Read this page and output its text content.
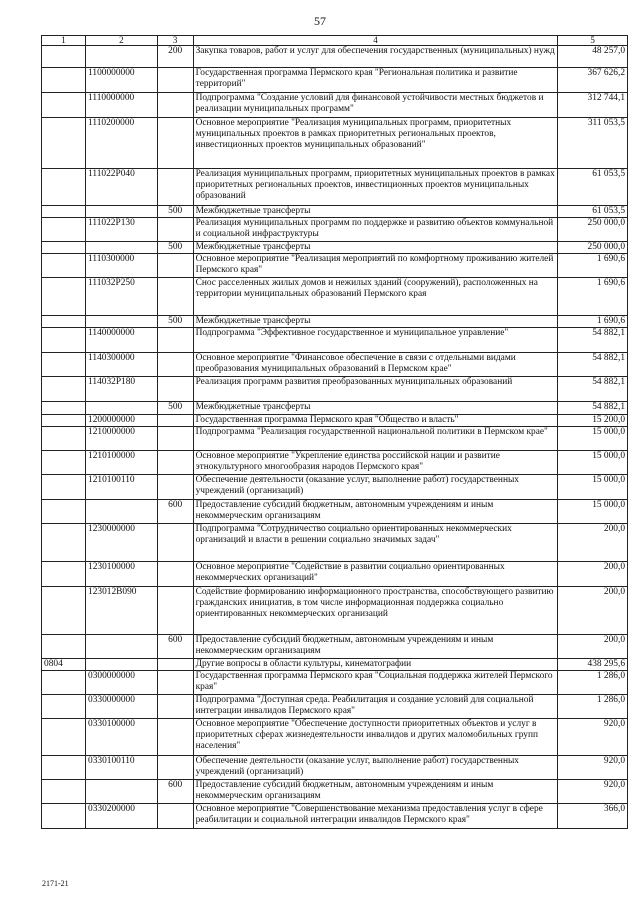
57
1	2	3	4	5
		200	Закупка товаров, работ и услуг для обеспечения государственных (муниципальных) нужд	48 257,0
	1100000000		Государственная программа Пермского края "Региональная политика и развитие территорий"	367 626,2
	1110000000		Подпрограмма "Создание условий для финансовой устойчивости местных бюджетов и реализации муниципальных программ"	312 744,1
	1110200000		Основное мероприятие "Реализация муниципальных программ, приоритетных муниципальных проектов в рамках приоритетных региональных проектов, инвестиционных проектов муниципальных образований"	311 053,5
	111022P040		Реализация муниципальных программ, приоритетных муниципальных проектов в рамках приоритетных региональных проектов, инвестиционных проектов муниципальных образований	61 053,5
		500	Межбюджетные трансферты	61 053,5
	111022P130		Реализация муниципальных программ по поддержке и развитию объектов коммунальной и социальной инфраструктуры	250 000,0
		500	Межбюджетные трансферты	250 000,0
	1110300000		Основное мероприятие "Реализация мероприятий по комфортному проживанию жителей Пермского края"	1 690,6
	111032P250		Снос расселенных жилых домов и нежилых зданий (сооружений), расположенных на территории муниципальных образований Пермского края	1 690,6
		500	Межбюджетные трансферты	1 690,6
	1140000000		Подпрограмма "Эффективное государственное и муниципальное управление"	54 882,1
	1140300000		Основное мероприятие "Финансовое обеспечение в связи с отдельными видами преобразования муниципальных образований в Пермском крае"	54 882,1
	114032P180		Реализация программ развития преобразованных муниципальных образований	54 882,1
		500	Межбюджетные трансферты	54 882,1
	1200000000		Государственная программа Пермского края "Общество и власть"	15 200,0
	1210000000		Подпрограмма "Реализация государственной национальной политики в Пермском крае"	15 000,0
	1210100000		Основное мероприятие "Укрепление единства российской нации и развитие этнокультурного многообразия народов Пермского края"	15 000,0
	1210100110		Обеспечение деятельности (оказание услуг, выполнение работ) государственных учреждений (организаций)	15 000,0
		600	Предоставление субсидий бюджетным, автономным учреждениям и иным некоммерческим организациям	15 000,0
	1230000000		Подпрограмма "Сотрудничество социально ориентированных некоммерческих организаций и власти в решении социально значимых задач"	200,0
	1230100000		Основное мероприятие "Содействие в развитии социально ориентированных некоммерческих организаций"	200,0
	123012B090		Содействие формированию информационного пространства, способствующего развитию гражданских инициатив, в том числе информационная поддержка социально ориентированных некоммерческих организаций	200,0
		600	Предоставление субсидий бюджетным, автономным учреждениям и иным некоммерческим организациям	200,0
0804			Другие вопросы в области культуры, кинематографии	438 295,6
	0300000000		Государственная программа Пермского края "Социальная поддержка жителей Пермского края"	1 286,0
	0330000000		Подпрограмма "Доступная среда. Реабилитация и создание условий для социальной интеграции инвалидов Пермского края"	1 286,0
	0330100000		Основное мероприятие "Обеспечение доступности приоритетных объектов и услуг в приоритетных сферах жизнедеятельности инвалидов и других маломобильных групп населения"	920,0
	0330100110		Обеспечение деятельности (оказание услуг, выполнение работ) государственных учреждений (организаций)	920,0
		600	Предоставление субсидий бюджетным, автономным учреждениям и иным некоммерческим организациям	920,0
	0330200000		Основное мероприятие "Совершенствование механизма предоставления услуг в сфере реабилитации и социальной интеграции инвалидов Пермского края"	366,0
2171-21
